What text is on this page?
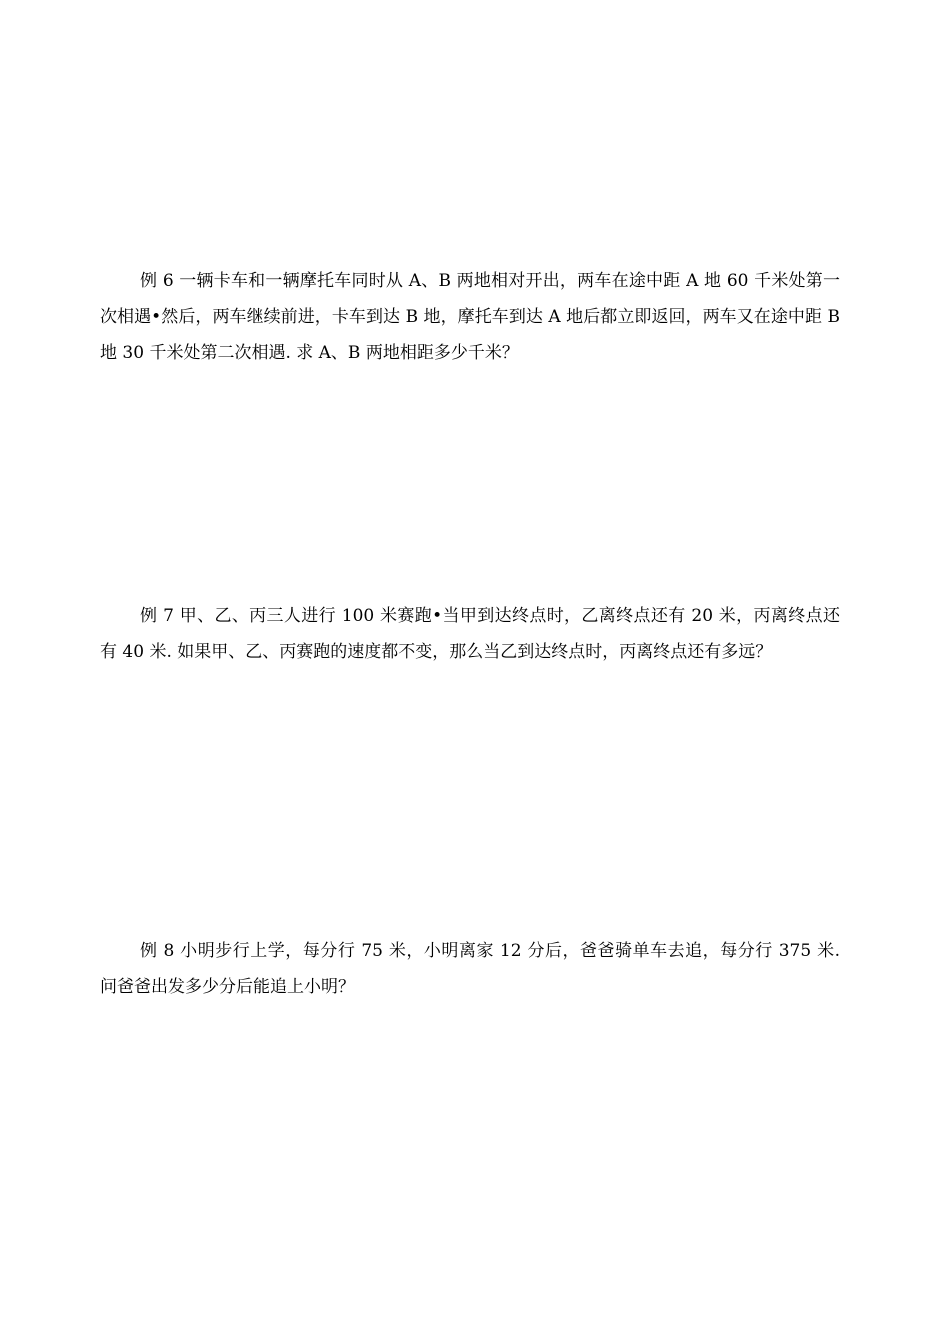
例 6 一辆卡车和一辆摩托车同时从 A、B 两地相对开出，两车在途中距 A 地 60 千米处第一次相遇•然后，两车继续前进，卡车到达 B 地，摩托车到达 A 地后都立即返回，两车又在途中距 B 地 30 千米处第二次相遇. 求 A、B 两地相距多少千米？

例 7 甲、乙、丙三人进行 100 米赛跑•当甲到达终点时，乙离终点还有 20 米，丙离终点还有 40 米. 如果甲、乙、丙赛跑的速度都不变，那么当乙到达终点时，丙离终点还有多远？

例 8 小明步行上学，每分行 75 米，小明离家 12 分后，爸爸骑单车去追，每分行 375 米. 问爸爸出发多少分后能追上小明？
